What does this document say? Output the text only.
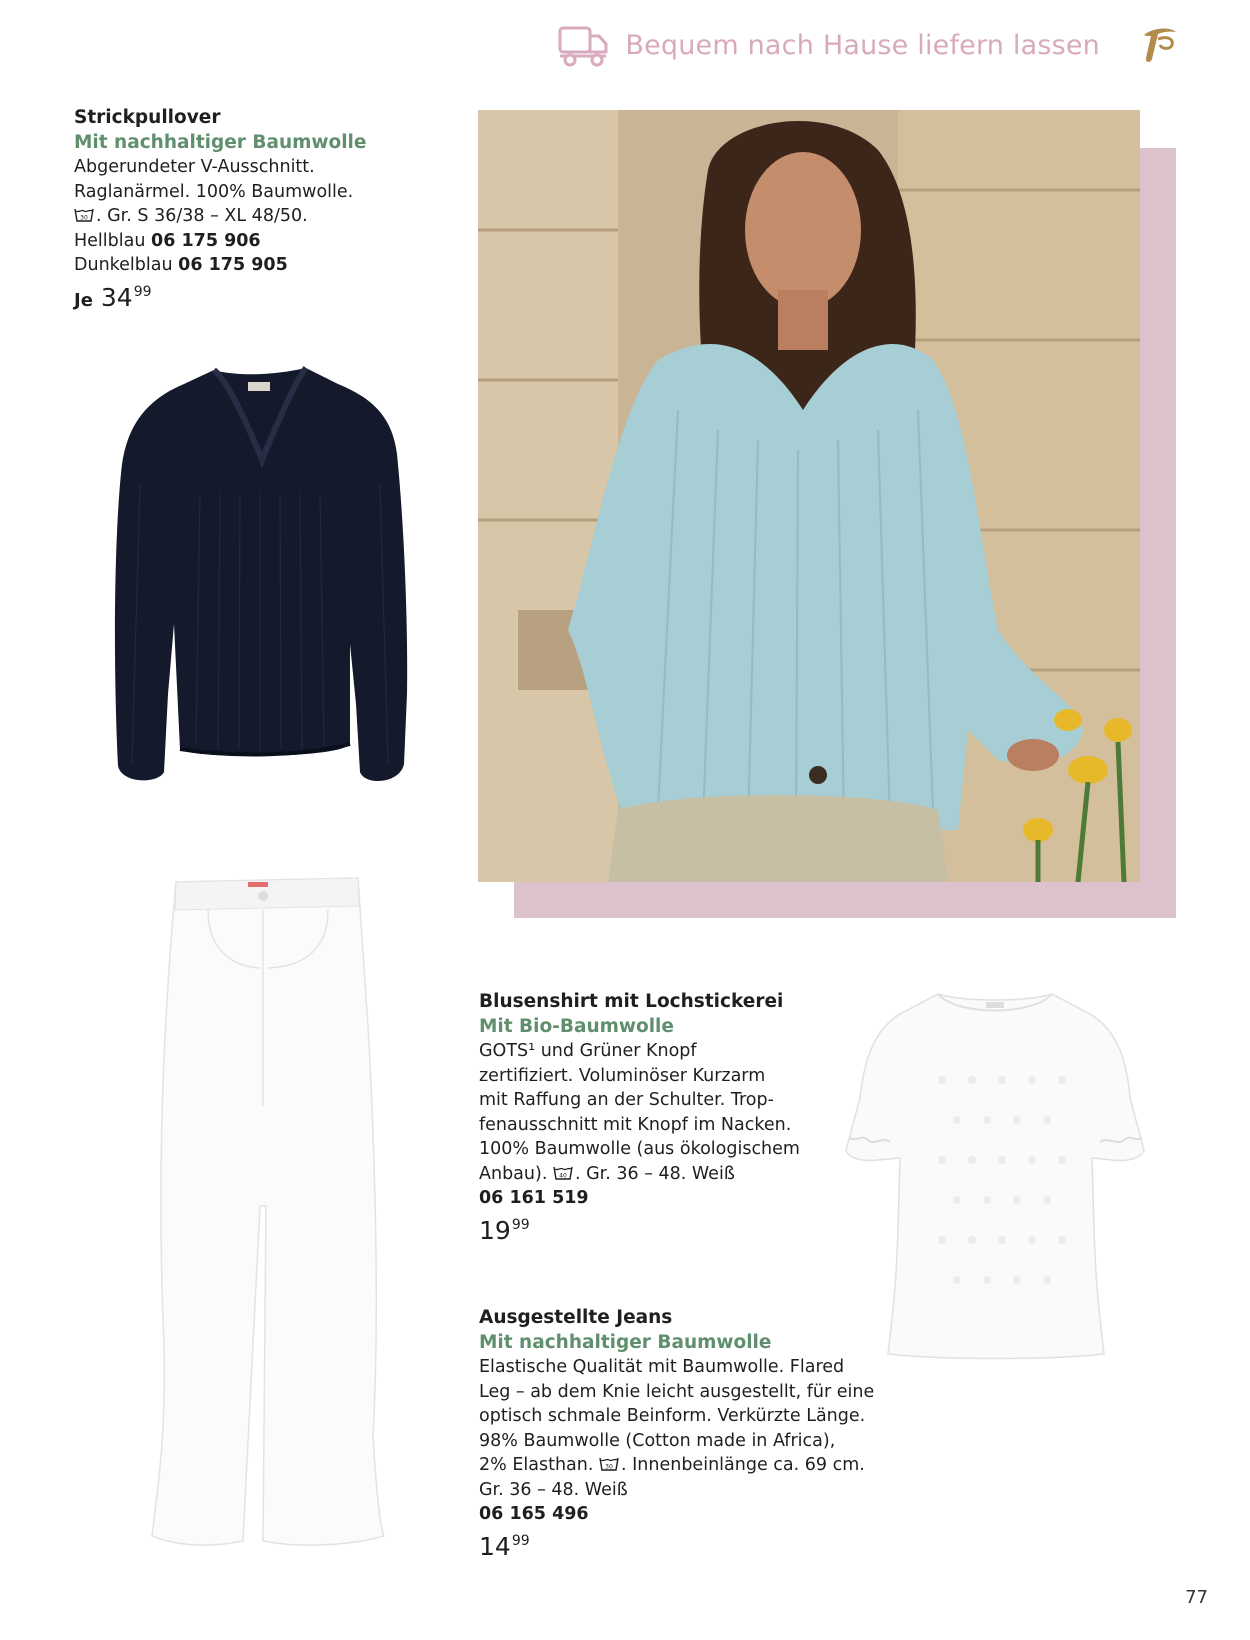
Bequem nach Hause liefern lassen
Strickpullover
Mit nachhaltiger Baumwolle
Abgerundeter V-Ausschnitt.
Raglanärmel. 100% Baumwolle.
30 . Gr. S 36/38 – XL 48/50.
Hellblau 06 175 906
Dunkelblau 06 175 905
Je 34 99
Blusenshirt mit Lochstickerei
Mit Bio-Baumwolle
GOTS¹ und Grüner Knopf
zertifiziert. Voluminöser Kurzarm
mit Raffung an der Schulter. Trop-
fenausschnitt mit Knopf im Nacken.
100% Baumwolle (aus ökologischem
Anbau). 40 . Gr. 36 – 48. Weiß
06 161 519
19 99
Ausgestellte Jeans
Mit nachhaltiger Baumwolle
Elastische Qualität mit Baumwolle. Flared
Leg – ab dem Knie leicht ausgestellt, für eine
optisch schmale Beinform. Verkürzte Länge.
98% Baumwolle (Cotton made in Africa),
2% Elasthan. 30 . Innenbeinlänge ca. 69 cm.
Gr. 36 – 48. Weiß
06 165 496
14 99
77
